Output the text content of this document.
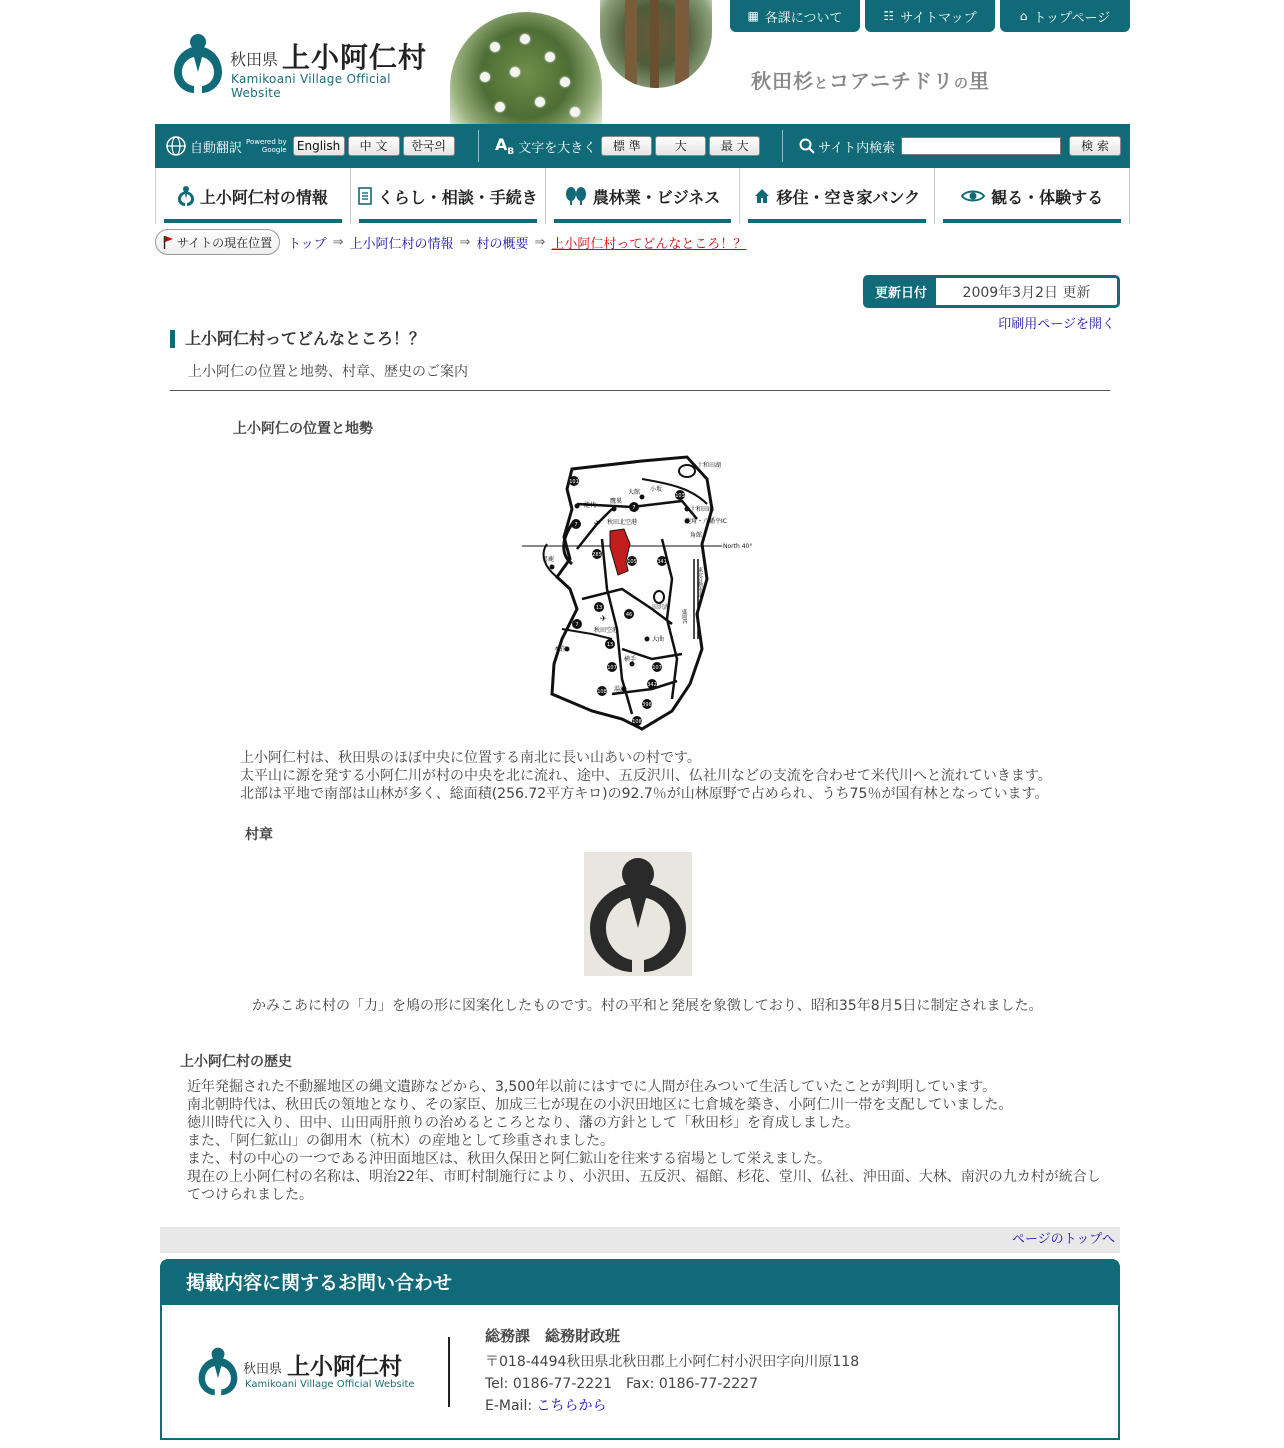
秋田県 上小阿仁村
Kamikoani Village Official Website	秋田杉とコアニチドリの里
▦ 各課について	☷ サイトマップ	⌂ トップページ
自動翻訳 Powered by
Google English	中 文	한국의	$A_B$ 文字を大きく	標 準	大	最 大	サイト内検索	検 索
上小阿仁村の情報	くらし・相談・手続き	農林業・ビジネス	移住・空き家バンク	観る・体験する
サイトの現在位置 トップ ⇒ 上小阿仁村の情報 ⇒ 村の概要 ⇒ 上小阿仁村ってどんなところ！？
更新日付	2009年3月2日 更新
印刷用ページを開く
上小阿仁村ってどんなところ！？

上小阿仁の位置と地勢、村章、歴史のご案内

上小阿仁の位置と地勢
North 40°
十和田湖
田沢湖
能代
鷹巣
大館 小坂
十和田IC
鹿角・八幡平IC
秋田北空港
✈
男鹿
角館
東北自動車道
盛岡IC
秋田空港
✈
大曲
本荘
横手
湯沢
101
7
103
7
285
105	341
13
46
7
13
107	107
342
108
398
108
上小阿仁村は、秋田県のほぼ中央に位置する南北に長い山あいの村です。
太平山に源を発する小阿仁川が村の中央を北に流れ、途中、五反沢川、仏社川などの支流を合わせて米代川へと流れていきます。
北部は平地で南部は山林が多く、総面積(256.72平方キロ)の92.7％が山林原野で占められ、うち75％が国有林となっています。
村章

かみこあに村の「力」を鳩の形に図案化したものです。村の平和と発展を象徴しており、昭和35年8月5日に制定されました。

上小阿仁村の歴史
近年発掘された不動羅地区の縄文遺跡などから、3,500年以前にはすでに人間が住みついて生活していたことが判明しています。
南北朝時代は、秋田氏の領地となり、その家臣、加成三七が現在の小沢田地区に七倉城を築き、小阿仁川一帯を支配していました。
徳川時代に入り、田中、山田両肝煎りの治めるところとなり、藩の方針として「秋田杉」を育成しました。
また、「阿仁鉱山」の御用木（杭木）の産地として珍重されました。
また、村の中心の一つである沖田面地区は、秋田久保田と阿仁鉱山を往来する宿場として栄えました。
現在の上小阿仁村の名称は、明治22年、市町村制施行により、小沢田、五反沢、福館、杉花、堂川、仏社、沖田面、大林、南沢の九カ村が統合し
てつけられました。
ページのトップへ
掲載内容に関するお問い合わせ
秋田県 上小阿仁村
Kamikoani Village Official Website
総務課　総務財政班
〒018-4494秋田県北秋田郡上小阿仁村小沢田字向川原118
Tel: 0186-77-2221　Fax: 0186-77-2227
E-Mail: こちらから
